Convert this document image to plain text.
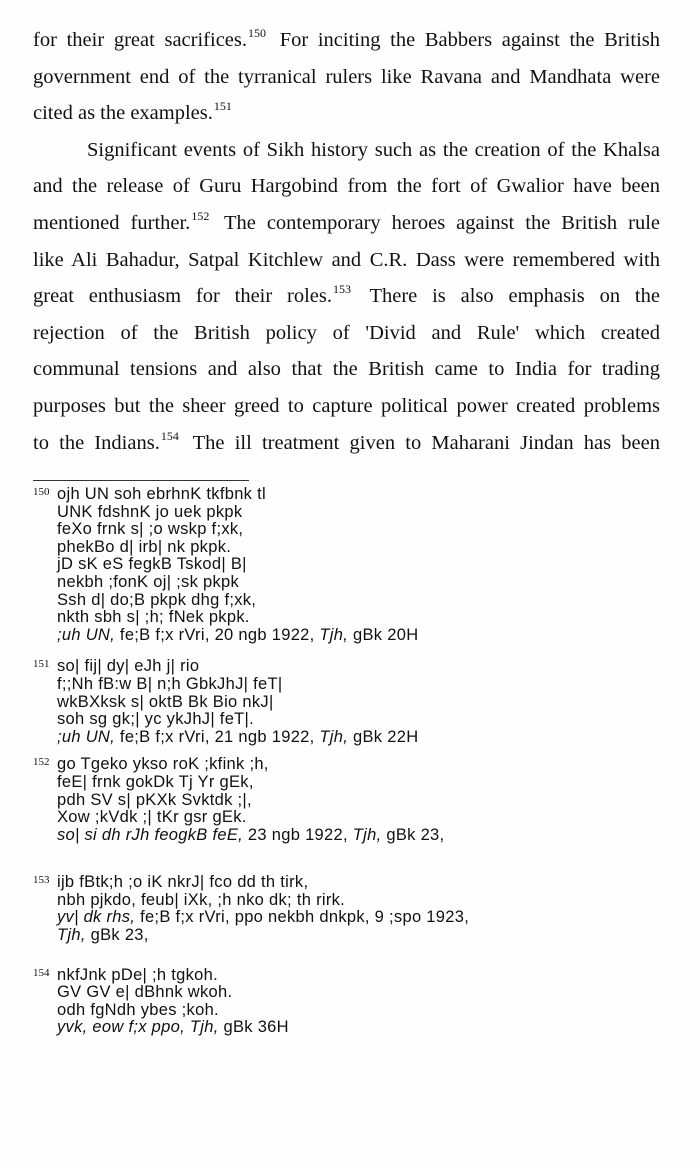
for their great sacrifices.$^{150}$ For inciting the Babbers against the British
government end of the tyrranical rulers like Ravana and Mandhata were
cited as the examples.$^{151}$
Significant events of Sikh history such as the creation of the Khalsa
and the release of Guru Hargobind from the fort of Gwalior have been
mentioned further.$^{152}$ The contemporary heroes against the British rule
like Ali Bahadur, Satpal Kitchlew and C.R. Dass were remembered with
great enthusiasm for their roles.$^{153}$ There is also emphasis on the
rejection of the British policy of 'Divid and Rule' which created
communal tensions and also that the British came to India for trading
purposes but the sheer greed to capture political power created problems
to the Indians.$^{154}$ The ill treatment given to Maharani Jindan has been
150 ojh UN soh ebrhnK tkfbnk tl
UNK fdshnK jo uek pkpk
feXo frnk s| ;o wskp f;xk,
phekBo d| irb| nk pkpk.
jD sK eS fegkB Tskod| B|
nekbh ;fonK oj| ;sk pkpk
Ssh d| do;B pkpk dhg f;xk,
nkth sbh s| ;h; fNek pkpk.
;uh UN, fe;B f;x rVri, 20 ngb 1922, Tjh, gBk 20H
151 so| fij| dy| eJh j| rio
f;;Nh fB:w B| n;h GbkJhJ| feT|
wkBXksk s| oktB Bk Bio nkJ|
soh sg gk;| yc ykJhJ| feT|.
;uh UN, fe;B f;x rVri, 21 ngb 1922, Tjh, gBk 22H
152 go Tgeko ykso roK ;kfink ;h,
feE| frnk gokDk Tj Yr gEk,
pdh SV s| pKXk Svktdk ;|,
Xow ;kVdk ;| tKr gsr gEk.
so| si dh rJh feogkB feE, 23 ngb 1922, Tjh, gBk 23,
153 ijb fBtk;h ;o iK nkrJ| fco dd th tirk,
nbh pjkdo, feub| iXk, ;h nko dk; th rirk.
yv| dk rhs, fe;B f;x rVri, ppo nekbh dnkpk, 9 ;spo 1923,
Tjh, gBk 23,
154 nkfJnk pDe| ;h tgkoh.
GV GV e| dBhnk wkoh.
odh fgNdh ybes ;koh.
yvk, eow f;x ppo, Tjh, gBk 36H
